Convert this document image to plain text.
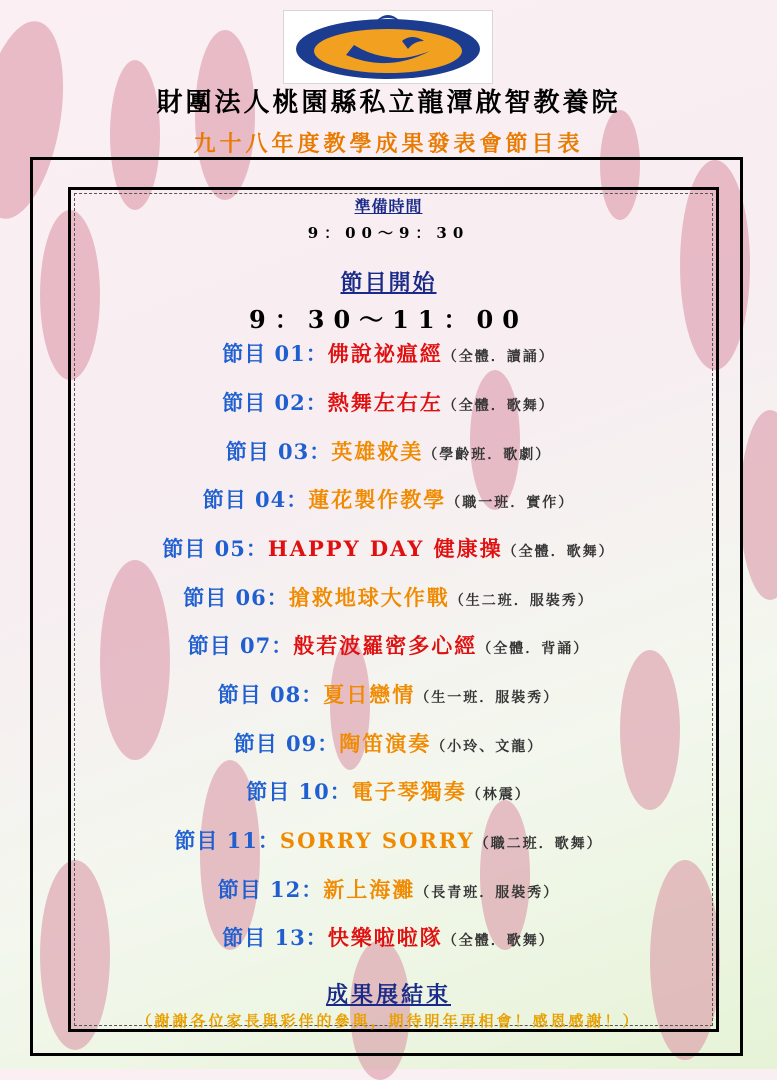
財團法人桃園縣私立龍潭啟智教養院
九十八年度教學成果發表會節目表
準備時間
9：00～9：30
節目開始
9：30～11：00
節目 01：佛說祕瘟經（全體．讀誦）
節目 02：熱舞左右左（全體．歌舞）
節目 03：英雄救美（學齡班．歌劇）
節目 04：蓮花製作教學（職一班．實作）
節目 05：HAPPY DAY 健康操（全體．歌舞）
節目 06：搶救地球大作戰（生二班．服裝秀）
節目 07：般若波羅密多心經（全體．背誦）
節目 08：夏日戀情（生一班．服裝秀）
節目 09：陶笛演奏（小玲、文龍）
節目 10：電子琴獨奏（林震）
節目 11：SORRY SORRY（職二班．歌舞）
節目 12：新上海灘（長青班．服裝秀）
節目 13：快樂啦啦隊（全體．歌舞）
成果展結束
（謝謝各位家長與彩伴的參與，期待明年再相會！感恩感謝！）
